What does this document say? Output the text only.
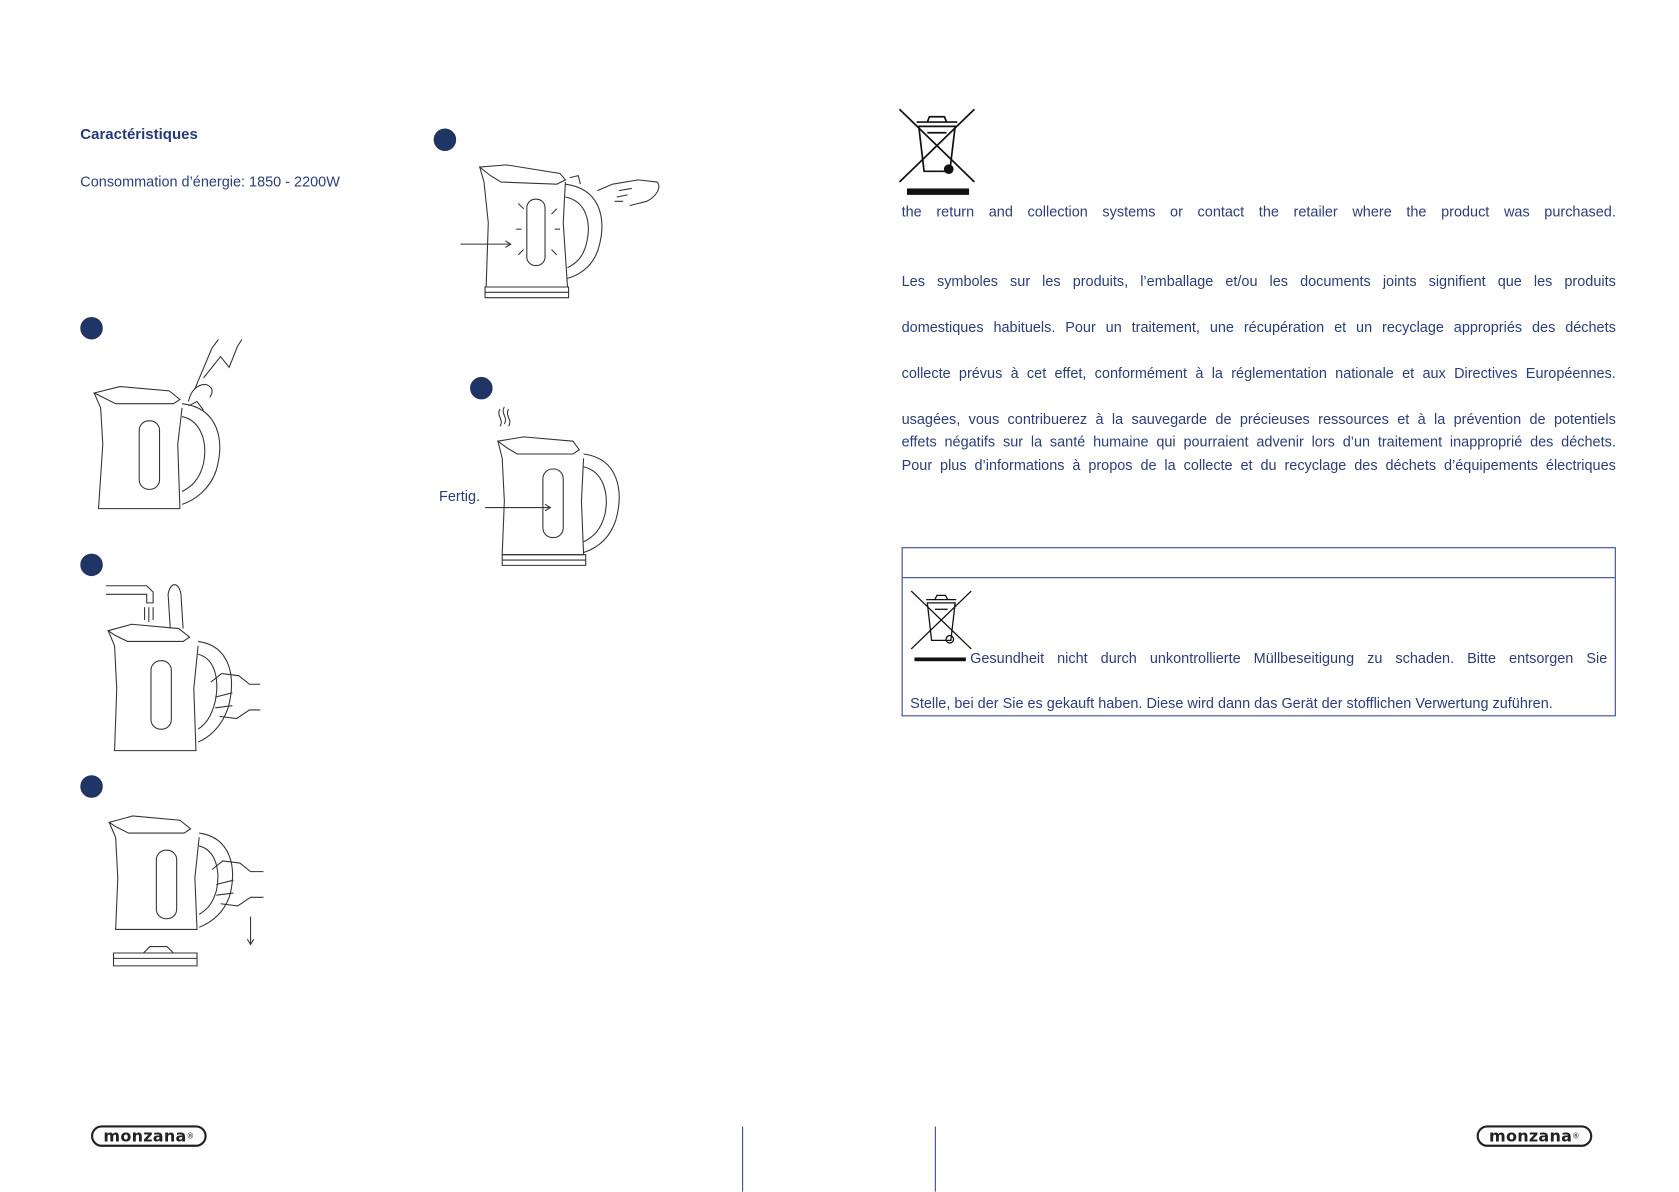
Caractéristiques
Consommation d’énergie: 1850 - 2200W
Fertig.
the return and collection systems or contact the retailer where the product was purchased.
Les symboles sur les produits, l’emballage et/ou les documents joints signifient que les produits
domestiques habituels. Pour un traitement, une récupération et un recyclage appropriés des déchets
collecte prévus à cet effet, conformément à la réglementation nationale et aux Directives Européennes.
usagées, vous contribuerez à la sauvegarde de précieuses ressources et à la prévention de potentiels
effets négatifs sur la santé humaine qui pourraient advenir lors d’un traitement inapproprié des déchets.
Pour plus d’informations à propos de la collecte et du recyclage des déchets d’équipements électriques
Gesundheit nicht durch unkontrollierte Müllbeseitigung zu schaden. Bitte entsorgen Sie
Stelle, bei der Sie es gekauft haben. Diese wird dann das Gerät der stofflichen Verwertung zuführen.
monzana®	monzana®
